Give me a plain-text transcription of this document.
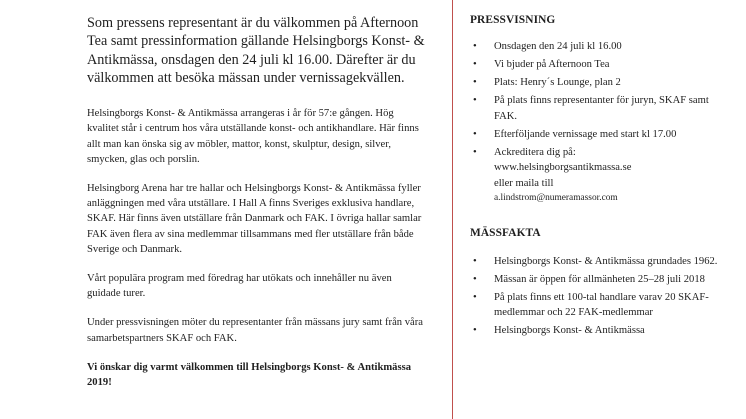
Som pressens representant är du välkommen på Afternoon Tea samt pressinformation gällande Helsingborgs Konst- & Antikmässa, onsdagen den 24 juli kl 16.00. Därefter är du välkommen att besöka mässan under vernissagekvällen.

Helsingborgs Konst- & Antikmässa arrangeras i år för 57:e gången. Hög kvalitet står i centrum hos våra utställande konst- och antikhandlare. Här finns allt man kan önska sig av möbler, mattor, konst, skulptur, design, silver, smycken, glas och porslin.

Helsingborg Arena har tre hallar och Helsingborgs Konst- & Antikmässa fyller anläggningen med våra utställare. I Hall A finns Sveriges exklusiva handlare, SKAF. Här finns även utställare från Danmark och FAK. I övriga hallar samlar FAK även flera av sina medlemmar tillsammans med fler utställare från både Sverige och Danmark.

Vårt populära program med föredrag har utökats och innehåller nu även guidade turer.

Under pressvisningen möter du representanter från mässans jury samt från våra samarbetspartners SKAF och FAK.

Vi önskar dig varmt välkommen till Helsingborgs Konst- & Antikmässa 2019!

PRESSVISNING
• Onsdagen den 24 juli kl 16.00
• Vi bjuder på Afternoon Tea
• Plats: Henry´s Lounge, plan 2
• På plats finns representanter för juryn, SKAF samt FAK.
• Efterföljande vernissage med start kl 17.00
• Ackreditera dig på:
www.helsingborgsantikmassa.se
eller maila till
a.lindstrom@numeramassor.com
MÄSSFAKTA
• Helsingborgs Konst- & Antikmässa grundades 1962.
• Mässan är öppen för allmänheten 25–28 juli 2018
• På plats finns ett 100-tal handlare varav 20 SKAF-medlemmar och 22 FAK-medlemmar
• Helsingborgs Konst- & Antikmässa
